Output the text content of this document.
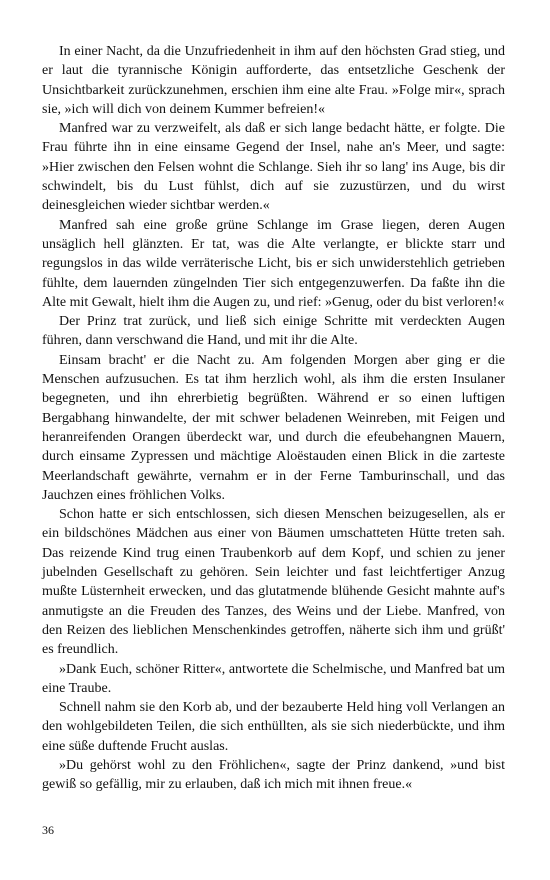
In einer Nacht, da die Unzufriedenheit in ihm auf den höchsten Grad stieg, und er laut die tyrannische Königin aufforderte, das entsetzliche Geschenk der Unsichtbarkeit zurückzunehmen, erschien ihm eine alte Frau. »Folge mir«, sprach sie, »ich will dich von deinem Kummer befreien!«

Manfred war zu verzweifelt, als daß er sich lange bedacht hätte, er folgte. Die Frau führte ihn in eine einsame Gegend der Insel, nahe an's Meer, und sagte: »Hier zwischen den Felsen wohnt die Schlange. Sieh ihr so lang' ins Auge, bis dir schwindelt, bis du Lust fühlst, dich auf sie zuzustürzen, und du wirst deinesgleichen wieder sichtbar werden.«

Manfred sah eine große grüne Schlange im Grase liegen, deren Augen unsäglich hell glänzten. Er tat, was die Alte verlangte, er blickte starr und regungslos in das wilde verräterische Licht, bis er sich unwiderstehlich getrieben fühlte, dem lauernden züngelnden Tier sich entgegenzuwerfen. Da faßte ihn die Alte mit Gewalt, hielt ihm die Augen zu, und rief: »Genug, oder du bist verloren!«

Der Prinz trat zurück, und ließ sich einige Schritte mit verdeckten Augen führen, dann verschwand die Hand, und mit ihr die Alte.

Einsam bracht' er die Nacht zu. Am folgenden Morgen aber ging er die Menschen aufzusuchen. Es tat ihm herzlich wohl, als ihm die ersten Insulaner begegneten, und ihn ehrerbietig begrüßten. Während er so einen luftigen Bergabhang hinwandelte, der mit schwer beladenen Weinreben, mit Feigen und heranreifenden Orangen überdeckt war, und durch die efeubehangnen Mauern, durch einsame Zypressen und mächtige Aloëstauden einen Blick in die zarteste Meerlandschaft gewährte, vernahm er in der Ferne Tamburinschall, und das Jauchzen eines fröhlichen Volks.

Schon hatte er sich entschlossen, sich diesen Menschen beizugesellen, als er ein bildschönes Mädchen aus einer von Bäumen umschatteten Hütte treten sah. Das reizende Kind trug einen Traubenkorb auf dem Kopf, und schien zu jener jubelnden Gesellschaft zu gehören. Sein leichter und fast leichtfertiger Anzug mußte Lüsternheit erwecken, und das glutatmende blühende Gesicht mahnte auf's anmutigste an die Freuden des Tanzes, des Weins und der Liebe. Manfred, von den Reizen des lieblichen Menschenkindes getroffen, näherte sich ihm und grüßt' es freundlich.

»Dank Euch, schöner Ritter«, antwortete die Schelmische, und Manfred bat um eine Traube.

Schnell nahm sie den Korb ab, und der bezauberte Held hing voll Verlangen an den wohlgebildeten Teilen, die sich enthüllten, als sie sich niederbückte, und ihm eine süße duftende Frucht auslas.

»Du gehörst wohl zu den Fröhlichen«, sagte der Prinz dankend, »und bist gewiß so gefällig, mir zu erlauben, daß ich mich mit ihnen freue.«

36
